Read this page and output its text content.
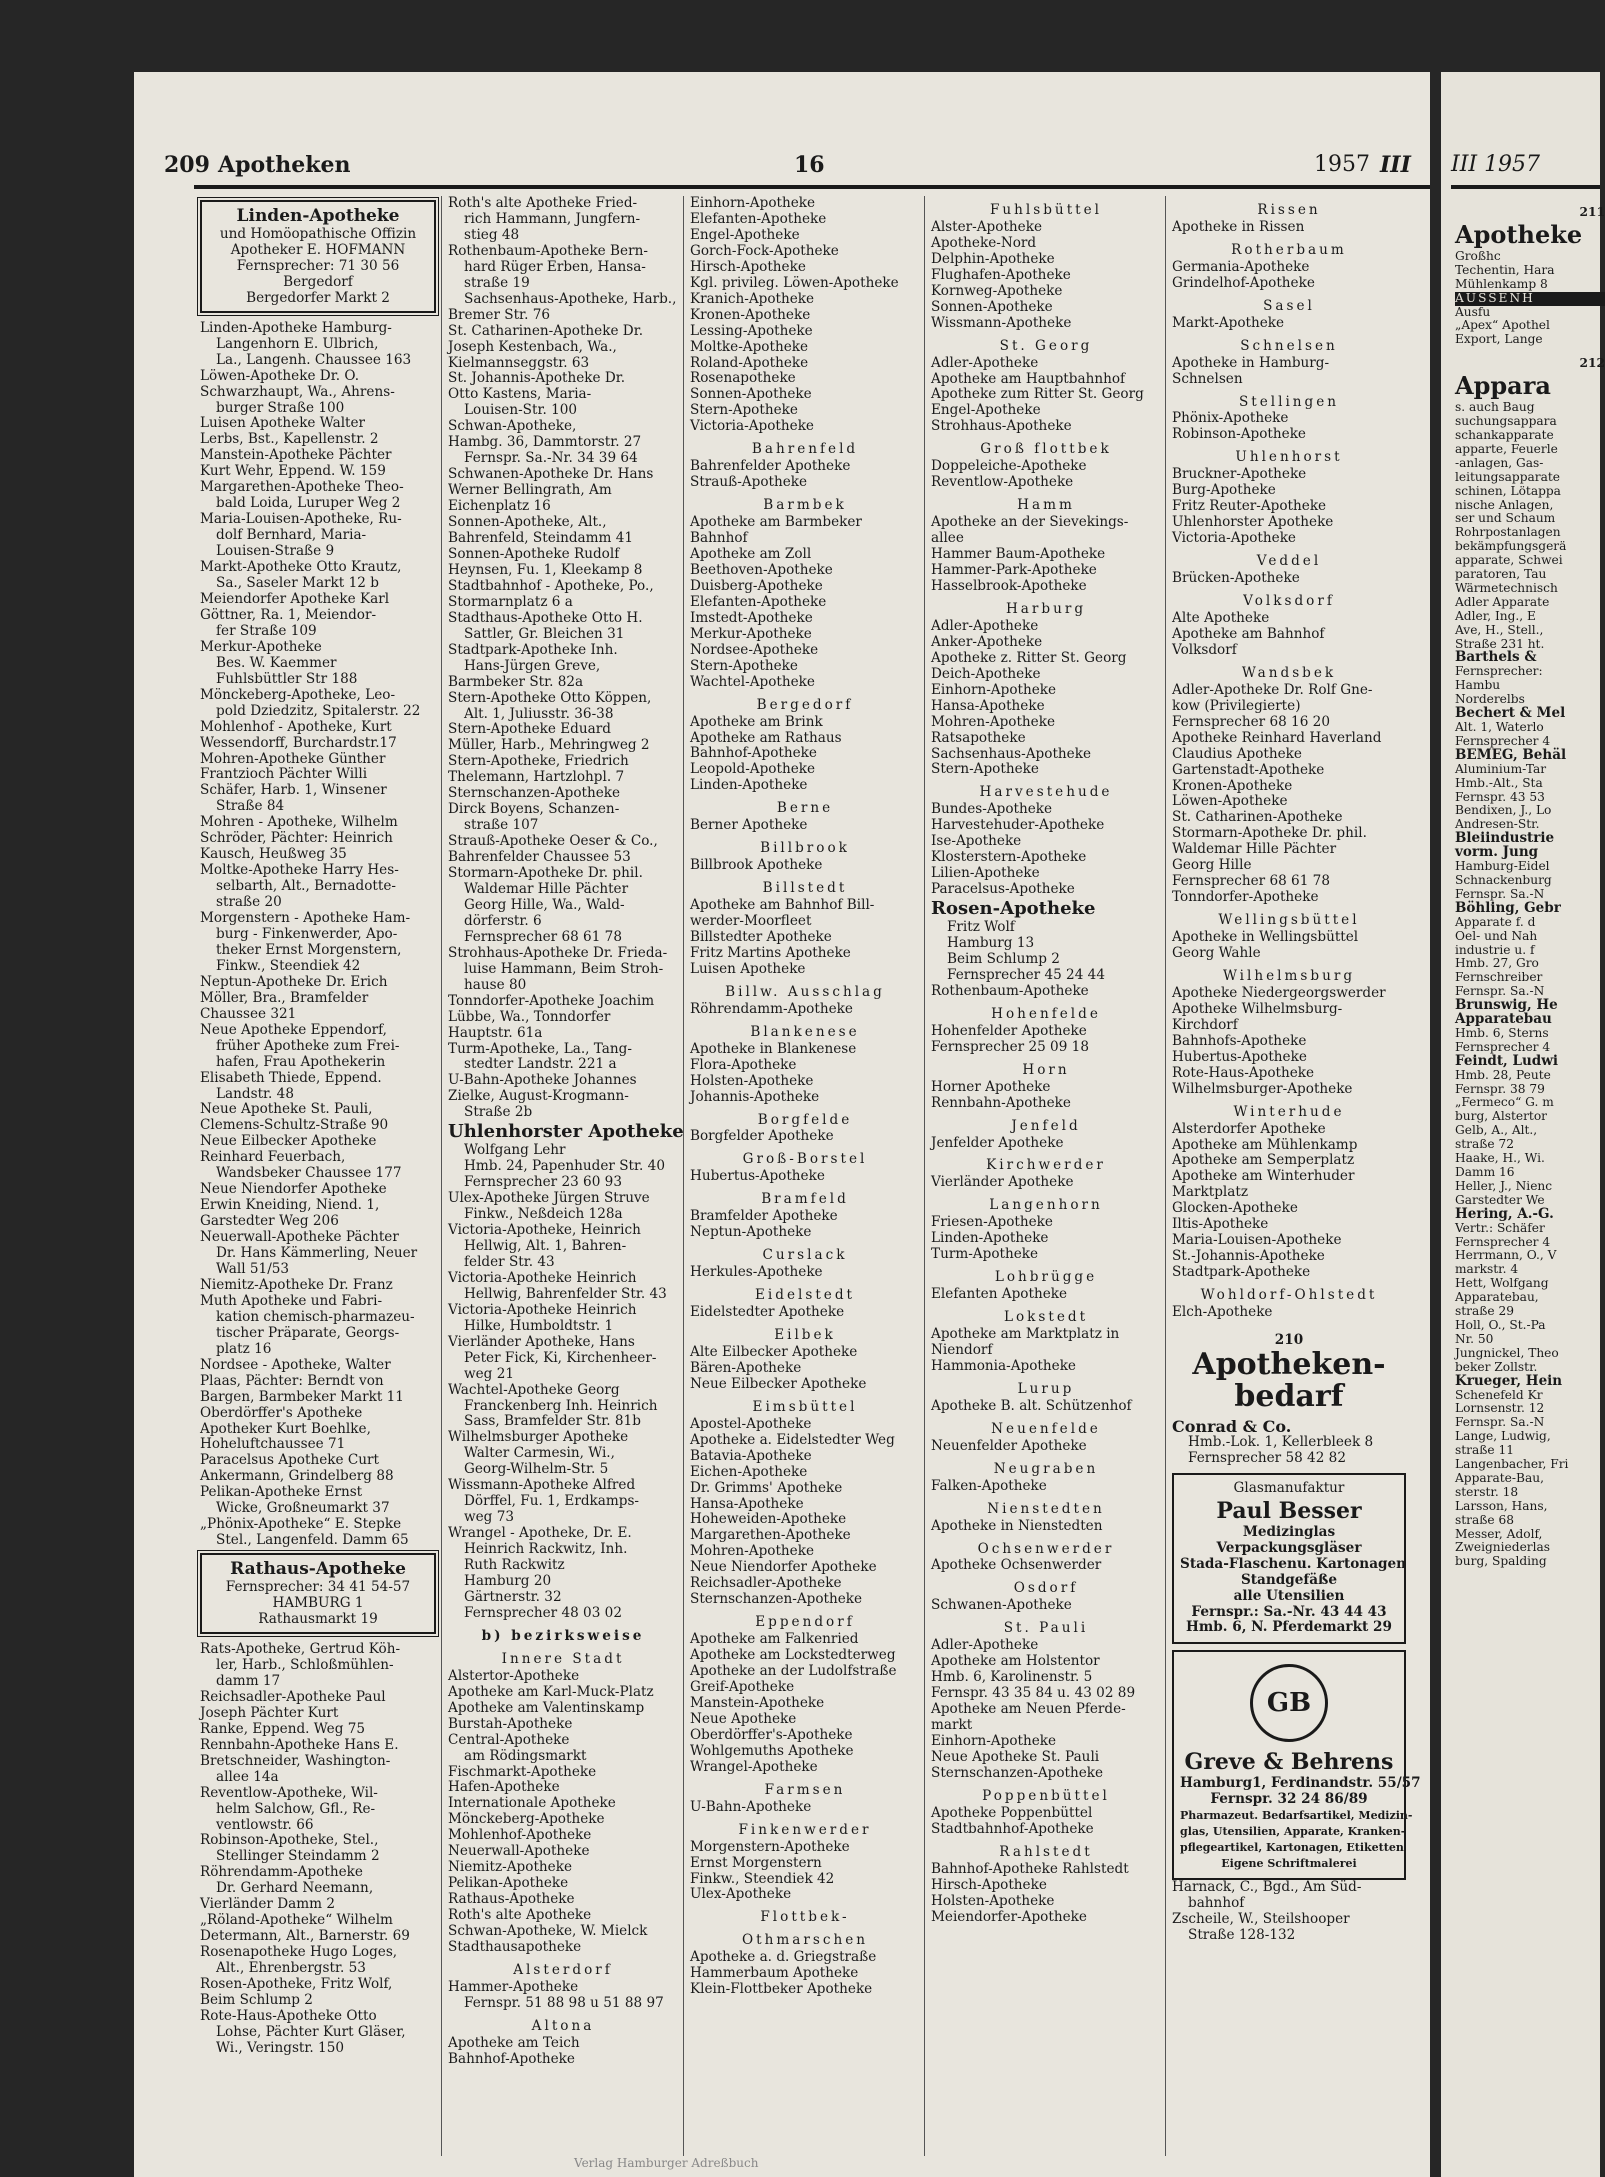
209 Apotheken	16	1957 III
Linden-Apotheke
und Homöopathische Offizin
Apotheker E. HOFMANN
Fernsprecher: 71 30 56
Bergedorf
Bergedorfer Markt 2
Linden-Apotheke Hamburg-
Langenhorn E. Ulbrich,
La., Langenh. Chaussee 163
Löwen-Apotheke Dr. O.
Schwarzhaupt, Wa., Ahrens-
burger Straße 100
Luisen Apotheke Walter
Lerbs, Bst., Kapellenstr. 2
Manstein-Apotheke Pächter
Kurt Wehr, Eppend. W. 159
Margarethen-Apotheke Theo-
bald Loida, Luruper Weg 2
Maria-Louisen-Apotheke, Ru-
dolf Bernhard, Maria-
Louisen-Straße 9
Markt-Apotheke Otto Krautz,
Sa., Saseler Markt 12 b
Meiendorfer Apotheke Karl
Göttner, Ra. 1, Meiendor-
fer Straße 109
Merkur-Apotheke
Bes. W. Kaemmer
Fuhlsbüttler Str 188
Mönckeberg-Apotheke, Leo-
pold Dziedzitz, Spitalerstr. 22
Mohlenhof - Apotheke, Kurt
Wessendorff, Burchardstr.17
Mohren-Apotheke Günther
Frantzioch Pächter Willi
Schäfer, Harb. 1, Winsener
Straße 84
Mohren - Apotheke, Wilhelm
Schröder, Pächter: Heinrich
Kausch, Heußweg 35
Moltke-Apotheke Harry Hes-
selbarth, Alt., Bernadotte-
straße 20
Morgenstern - Apotheke Ham-
burg - Finkenwerder, Apo-
theker Ernst Morgenstern,
Finkw., Steendiek 42
Neptun-Apotheke Dr. Erich
Möller, Bra., Bramfelder
Chaussee 321
Neue Apotheke Eppendorf,
früher Apotheke zum Frei-
hafen, Frau Apothekerin
Elisabeth Thiede, Eppend.
Landstr. 48
Neue Apotheke St. Pauli,
Clemens-Schultz-Straße 90
Neue Eilbecker Apotheke
Reinhard Feuerbach,
Wandsbeker Chaussee 177
Neue Niendorfer Apotheke
Erwin Kneiding, Niend. 1,
Garstedter Weg 206
Neuerwall-Apotheke Pächter
Dr. Hans Kämmerling, Neuer
Wall 51/53
Niemitz-Apotheke Dr. Franz
Muth Apotheke und Fabri-
kation chemisch-pharmazeu-
tischer Präparate, Georgs-
platz 16
Nordsee - Apotheke, Walter
Plaas, Pächter: Berndt von
Bargen, Barmbeker Markt 11
Oberdörffer's Apotheke
Apotheker Kurt Boehlke,
Hoheluftchaussee 71
Paracelsus Apotheke Curt
Ankermann, Grindelberg 88
Pelikan-Apotheke Ernst
Wicke, Großneumarkt 37
„Phönix-Apotheke“ E. Stepke
Stel., Langenfeld. Damm 65
Rathaus-Apotheke
Fernsprecher: 34 41 54-57
HAMBURG 1
Rathausmarkt 19
Rats-Apotheke, Gertrud Köh-
ler, Harb., Schloßmühlen-
damm 17
Reichsadler-Apotheke Paul
Joseph Pächter Kurt
Ranke, Eppend. Weg 75
Rennbahn-Apotheke Hans E.
Bretschneider, Washington-
allee 14a
Reventlow-Apotheke, Wil-
helm Salchow, Gfl., Re-
ventlowstr. 66
Robinson-Apotheke, Stel.,
Stellinger Steindamm 2
Röhrendamm-Apotheke
Dr. Gerhard Neemann,
Vierländer Damm 2
„Röland-Apotheke“ Wilhelm
Determann, Alt., Barnerstr. 69
Rosenapotheke Hugo Loges,
Alt., Ehrenbergstr. 53
Rosen-Apotheke, Fritz Wolf,
Beim Schlump 2
Rote-Haus-Apotheke Otto
Lohse, Pächter Kurt Gläser,
Wi., Veringstr. 150
Roth's alte Apotheke Fried-
rich Hammann, Jungfern-
stieg 48
Rothenbaum-Apotheke Bern-
hard Rüger Erben, Hansa-
straße 19
Sachsenhaus-Apotheke, Harb.,
Bremer Str. 76
St. Catharinen-Apotheke Dr.
Joseph Kestenbach, Wa.,
Kielmannseggstr. 63
St. Johannis-Apotheke Dr.
Otto Kastens, Maria-
Louisen-Str. 100
Schwan-Apotheke,
Hambg. 36, Dammtorstr. 27
Fernspr. Sa.-Nr. 34 39 64
Schwanen-Apotheke Dr. Hans
Werner Bellingrath, Am
Eichenplatz 16
Sonnen-Apotheke, Alt.,
Bahrenfeld, Steindamm 41
Sonnen-Apotheke Rudolf
Heynsen, Fu. 1, Kleekamp 8
Stadtbahnhof - Apotheke, Po.,
Stormarnplatz 6 a
Stadthaus-Apotheke Otto H.
Sattler, Gr. Bleichen 31
Stadtpark-Apotheke Inh.
Hans-Jürgen Greve,
Barmbeker Str. 82a
Stern-Apotheke Otto Köppen,
Alt. 1, Juliusstr. 36-38
Stern-Apotheke Eduard
Müller, Harb., Mehringweg 2
Stern-Apotheke, Friedrich
Thelemann, Hartzlohpl. 7
Sternschanzen-Apotheke
Dirck Boyens, Schanzen-
straße 107
Strauß-Apotheke Oeser & Co.,
Bahrenfelder Chaussee 53
Stormarn-Apotheke Dr. phil.
Waldemar Hille Pächter
Georg Hille, Wa., Wald-
dörferstr. 6
Fernsprecher 68 61 78
Strohhaus-Apotheke Dr. Frieda-
luise Hammann, Beim Stroh-
hause 80
Tonndorfer-Apotheke Joachim
Lübbe, Wa., Tonndorfer
Hauptstr. 61a
Turm-Apotheke, La., Tang-
stedter Landstr. 221 a
U-Bahn-Apotheke Johannes
Zielke, August-Krogmann-
Straße 2b
Uhlenhorster Apotheke
Wolfgang Lehr
Hmb. 24, Papenhuder Str. 40
Fernsprecher 23 60 93
Ulex-Apotheke Jürgen Struve
Finkw., Neßdeich 128a
Victoria-Apotheke, Heinrich
Hellwig, Alt. 1, Bahren-
felder Str. 43
Victoria-Apotheke Heinrich
Hellwig, Bahrenfelder Str. 43
Victoria-Apotheke Heinrich
Hilke, Humboldtstr. 1
Vierländer Apotheke, Hans
Peter Fick, Ki, Kirchenheer-
weg 21
Wachtel-Apotheke Georg
Franckenberg Inh. Heinrich
Sass, Bramfelder Str. 81b
Wilhelmsburger Apotheke
Walter Carmesin, Wi.,
Georg-Wilhelm-Str. 5
Wissmann-Apotheke Alfred
Dörffel, Fu. 1, Erdkamps-
weg 73
Wrangel - Apotheke, Dr. E.
Heinrich Rackwitz, Inh.
Ruth Rackwitz
Hamburg 20
Gärtnerstr. 32
Fernsprecher 48 03 02
b) bezirksweise
Innere Stadt
Alstertor-Apotheke
Apotheke am Karl-Muck-Platz
Apotheke am Valentinskamp
Burstah-Apotheke
Central-Apotheke
am Rödingsmarkt
Fischmarkt-Apotheke
Hafen-Apotheke
Internationale Apotheke
Mönckeberg-Apotheke
Mohlenhof-Apotheke
Neuerwall-Apotheke
Niemitz-Apotheke
Pelikan-Apotheke
Rathaus-Apotheke
Roth's alte Apotheke
Schwan-Apotheke, W. Mielck
Stadthausapotheke
Alsterdorf
Hammer-Apotheke
Fernspr. 51 88 98 u 51 88 97
Altona
Apotheke am Teich
Bahnhof-Apotheke
Einhorn-Apotheke
Elefanten-Apotheke
Engel-Apotheke
Gorch-Fock-Apotheke
Hirsch-Apotheke
Kgl. privileg. Löwen-Apotheke
Kranich-Apotheke
Kronen-Apotheke
Lessing-Apotheke
Moltke-Apotheke
Roland-Apotheke
Rosenapotheke
Sonnen-Apotheke
Stern-Apotheke
Victoria-Apotheke
Bahrenfeld
Bahrenfelder Apotheke
Strauß-Apotheke
Barmbek
Apotheke am Barmbeker
Bahnhof
Apotheke am Zoll
Beethoven-Apotheke
Duisberg-Apotheke
Elefanten-Apotheke
Imstedt-Apotheke
Merkur-Apotheke
Nordsee-Apotheke
Stern-Apotheke
Wachtel-Apotheke
Bergedorf
Apotheke am Brink
Apotheke am Rathaus
Bahnhof-Apotheke
Leopold-Apotheke
Linden-Apotheke
Berne
Berner Apotheke
Billbrook
Billbrook Apotheke
Billstedt
Apotheke am Bahnhof Bill-
werder-Moorfleet
Billstedter Apotheke
Fritz Martins Apotheke
Luisen Apotheke
Billw. Ausschlag
Röhrendamm-Apotheke
Blankenese
Apotheke in Blankenese
Flora-Apotheke
Holsten-Apotheke
Johannis-Apotheke
Borgfelde
Borgfelder Apotheke
Groß-Borstel
Hubertus-Apotheke
Bramfeld
Bramfelder Apotheke
Neptun-Apotheke
Curslack
Herkules-Apotheke
Eidelstedt
Eidelstedter Apotheke
Eilbek
Alte Eilbecker Apotheke
Bären-Apotheke
Neue Eilbecker Apotheke
Eimsbüttel
Apostel-Apotheke
Apotheke a. Eidelstedter Weg
Batavia-Apotheke
Eichen-Apotheke
Dr. Grimms' Apotheke
Hansa-Apotheke
Hoheweiden-Apotheke
Margarethen-Apotheke
Mohren-Apotheke
Neue Niendorfer Apotheke
Reichsadler-Apotheke
Sternschanzen-Apotheke
Eppendorf
Apotheke am Falkenried
Apotheke am Lockstedterweg
Apotheke an der Ludolfstraße
Greif-Apotheke
Manstein-Apotheke
Neue Apotheke
Oberdörffer's-Apotheke
Wohlgemuths Apotheke
Wrangel-Apotheke
Farmsen
U-Bahn-Apotheke
Finkenwerder
Morgenstern-Apotheke
Ernst Morgenstern
Finkw., Steendiek 42
Ulex-Apotheke
Flottbek-
Othmarschen
Apotheke a. d. Griegstraße
Hammerbaum Apotheke
Klein-Flottbeker Apotheke
Fuhlsbüttel
Alster-Apotheke
Apotheke-Nord
Delphin-Apotheke
Flughafen-Apotheke
Kornweg-Apotheke
Sonnen-Apotheke
Wissmann-Apotheke
St. Georg
Adler-Apotheke
Apotheke am Hauptbahnhof
Apotheke zum Ritter St. Georg
Engel-Apotheke
Strohhaus-Apotheke
Groß flottbek
Doppeleiche-Apotheke
Reventlow-Apotheke
Hamm
Apotheke an der Sievekings-
allee
Hammer Baum-Apotheke
Hammer-Park-Apotheke
Hasselbrook-Apotheke
Harburg
Adler-Apotheke
Anker-Apotheke
Apotheke z. Ritter St. Georg
Deich-Apotheke
Einhorn-Apotheke
Hansa-Apotheke
Mohren-Apotheke
Ratsapotheke
Sachsenhaus-Apotheke
Stern-Apotheke
Harvestehude
Bundes-Apotheke
Harvestehuder-Apotheke
Ise-Apotheke
Klosterstern-Apotheke
Lilien-Apotheke
Paracelsus-Apotheke
Rosen-Apotheke
Fritz Wolf
Hamburg 13
Beim Schlump 2
Fernsprecher 45 24 44
Rothenbaum-Apotheke
Hohenfelde
Hohenfelder Apotheke
Fernsprecher 25 09 18
Horn
Horner Apotheke
Rennbahn-Apotheke
Jenfeld
Jenfelder Apotheke
Kirchwerder
Vierländer Apotheke
Langenhorn
Friesen-Apotheke
Linden-Apotheke
Turm-Apotheke
Lohbrügge
Elefanten Apotheke
Lokstedt
Apotheke am Marktplatz in
Niendorf
Hammonia-Apotheke
Lurup
Apotheke B. alt. Schützenhof
Neuenfelde
Neuenfelder Apotheke
Neugraben
Falken-Apotheke
Nienstedten
Apotheke in Nienstedten
Ochsenwerder
Apotheke Ochsenwerder
Osdorf
Schwanen-Apotheke
St. Pauli
Adler-Apotheke
Apotheke am Holstentor
Hmb. 6, Karolinenstr. 5
Fernspr. 43 35 84 u. 43 02 89
Apotheke am Neuen Pferde-
markt
Einhorn-Apotheke
Neue Apotheke St. Pauli
Sternschanzen-Apotheke
Poppenbüttel
Apotheke Poppenbüttel
Stadtbahnhof-Apotheke
Rahlstedt
Bahnhof-Apotheke Rahlstedt
Hirsch-Apotheke
Holsten-Apotheke
Meiendorfer-Apotheke
Rissen
Apotheke in Rissen
Rotherbaum
Germania-Apotheke
Grindelhof-Apotheke
Sasel
Markt-Apotheke
Schnelsen
Apotheke in Hamburg-
Schnelsen
Stellingen
Phönix-Apotheke
Robinson-Apotheke
Uhlenhorst
Bruckner-Apotheke
Burg-Apotheke
Fritz Reuter-Apotheke
Uhlenhorster Apotheke
Victoria-Apotheke
Veddel
Brücken-Apotheke
Volksdorf
Alte Apotheke
Apotheke am Bahnhof
Volksdorf
Wandsbek
Adler-Apotheke Dr. Rolf Gne-
kow (Privilegierte)
Fernsprecher 68 16 20
Apotheke Reinhard Haverland
Claudius Apotheke
Gartenstadt-Apotheke
Kronen-Apotheke
Löwen-Apotheke
St. Catharinen-Apotheke
Stormarn-Apotheke Dr. phil.
Waldemar Hille Pächter
Georg Hille
Fernsprecher 68 61 78
Tonndorfer-Apotheke
Wellingsbüttel
Apotheke in Wellingsbüttel
Georg Wahle
Wilhelmsburg
Apotheke Niedergeorgswerder
Apotheke Wilhelmsburg-
Kirchdorf
Bahnhofs-Apotheke
Hubertus-Apotheke
Rote-Haus-Apotheke
Wilhelmsburger-Apotheke
Winterhude
Alsterdorfer Apotheke
Apotheke am Mühlenkamp
Apotheke am Semperplatz
Apotheke am Winterhuder
Marktplatz
Glocken-Apotheke
Iltis-Apotheke
Maria-Louisen-Apotheke
St.-Johannis-Apotheke
Stadtpark-Apotheke
Wohldorf-Ohlstedt
Elch-Apotheke
210
Apotheken-
bedarf
Conrad & Co.
Hmb.-Lok. 1, Kellerbleek 8
Fernsprecher 58 42 82
Glasmanufaktur
Paul Besser
Medizinglas
Verpackungsgläser
Stada-Flaschenu. Kartonagen
Standgefäße
alle Utensilien
Fernspr.: Sa.-Nr. 43 44 43
Hmb. 6, N. Pferdemarkt 29
GB
Greve & Behrens
Hamburg1, Ferdinandstr. 55/57
Fernspr. 32 24 86/89
Pharmazeut. Bedarfsartikel, Medizin-
glas, Utensilien, Apparate, Kranken-
pflegeartikel, Kartonagen, Etiketten
Eigene Schriftmalerei
Harnack, C., Bgd., Am Süd-
bahnhof
Zscheile, W., Steilshooper
Straße 128-132
Verlag Hamburger Adreßbuch
III 1957
211
Apotheke
Großhc
Techentin, Hara
Mühlenkamp 8
AUSSENH
Ausfu
„Apex“ Apothel
Export, Lange
212
Appara
s. auch Baug
suchungsappara
schankapparate
apparte, Feuerle
-anlagen, Gas-
leitungsapparate
schinen, Lötappa
nische Anlagen,
ser und Schaum
Rohrpostanlagen
bekämpfungsgerä
apparate, Schwei
paratoren, Tau
Wärmetechnisch
Adler Apparate
Adler, Ing., E
Ave, H., Stell.,
Straße 231 ht.
Barthels &
Fernsprecher:
Hambu
Norderelbs
Bechert & Mel
Alt. 1, Waterlo
Fernsprecher 4
BEMEG, Behäl
Aluminium-Tar
Hmb.-Alt., Sta
Fernspr. 43 53
Bendixen, J., Lo
Andresen-Str.
Bleiindustrie
vorm. Jung
Hamburg-Eidel
Schnackenburg
Fernspr. Sa.-N
Böhling, Gebr
Apparate f. d
Oel- und Nah
industrie u. f
Hmb. 27, Gro
Fernschreiber
Fernspr. Sa.-N
Brunswig, He
Apparatebau
Hmb. 6, Sterns
Fernsprecher 4
Feindt, Ludwi
Hmb. 28, Peute
Fernspr. 38 79
„Fermeco“ G. m
burg, Alstertor
Gelb, A., Alt.,
straße 72
Haake, H., Wi.
Damm 16
Heller, J., Nienc
Garstedter We
Hering, A.-G.
Vertr.: Schäfer
Fernsprecher 4
Herrmann, O., V
markstr. 4
Hett, Wolfgang
Apparatebau,
straße 29
Holl, O., St.-Pa
Nr. 50
Jungnickel, Theo
beker Zollstr.
Krueger, Hein
Schenefeld Kr
Lornsenstr. 12
Fernspr. Sa.-N
Lange, Ludwig,
straße 11
Langenbacher, Fri
Apparate-Bau,
sterstr. 18
Larsson, Hans,
straße 68
Messer, Adolf,
Zweigniederlas
burg, Spalding
